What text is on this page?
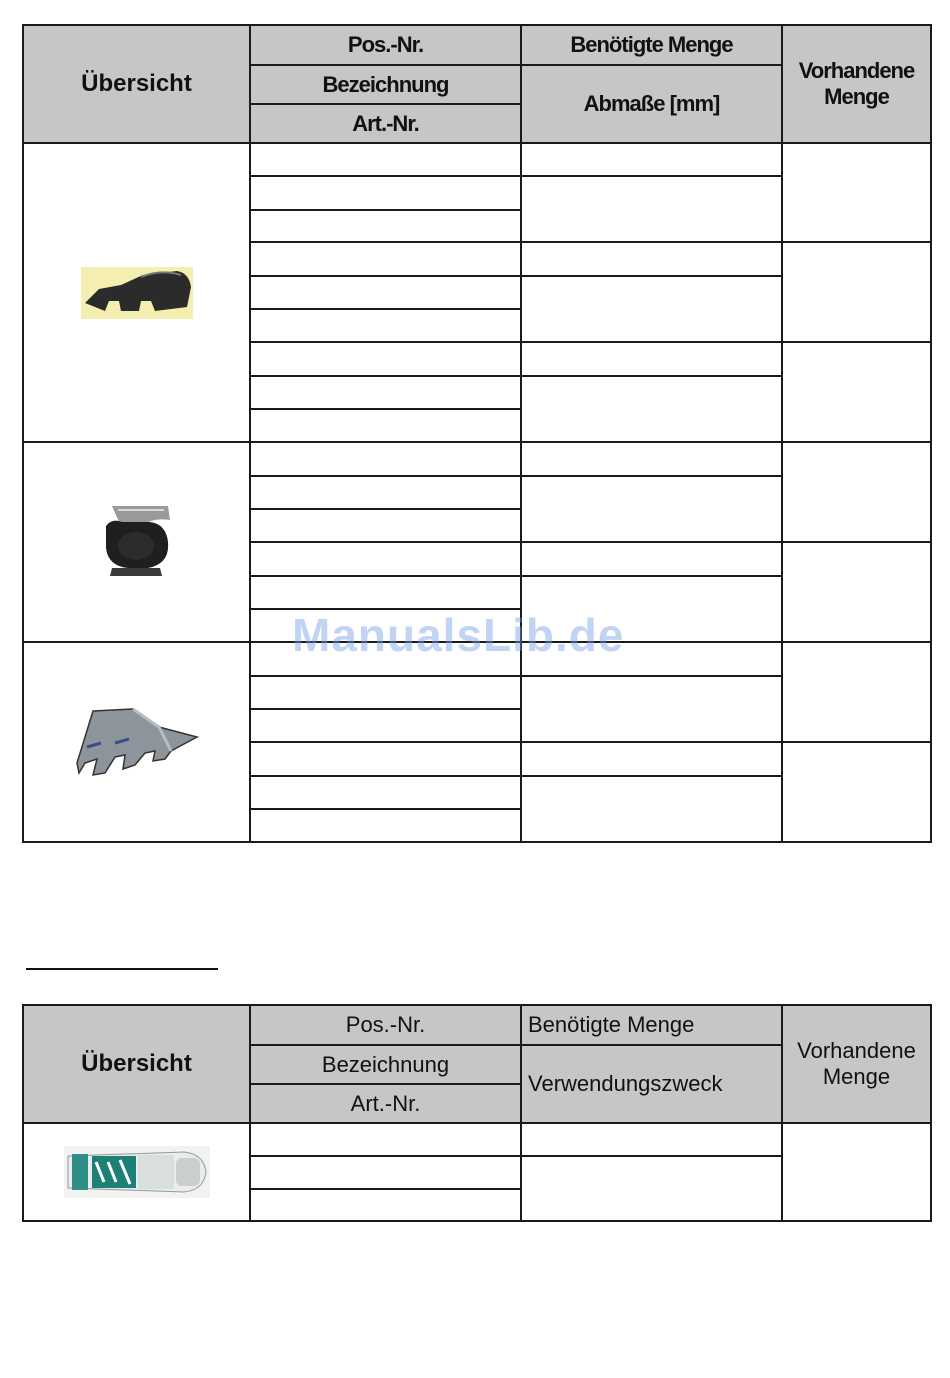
Übersicht	Pos.-Nr.	Benötigte Menge	Vorhandene Menge
	Bezeichnung	Abmaße [mm]	
	Art.-Nr.		

ManualsLib.de
Übersicht	Pos.-Nr.	Benötigte Menge	Vorhandene Menge
	Bezeichnung	Verwendungszweck	
	Art.-Nr.		
